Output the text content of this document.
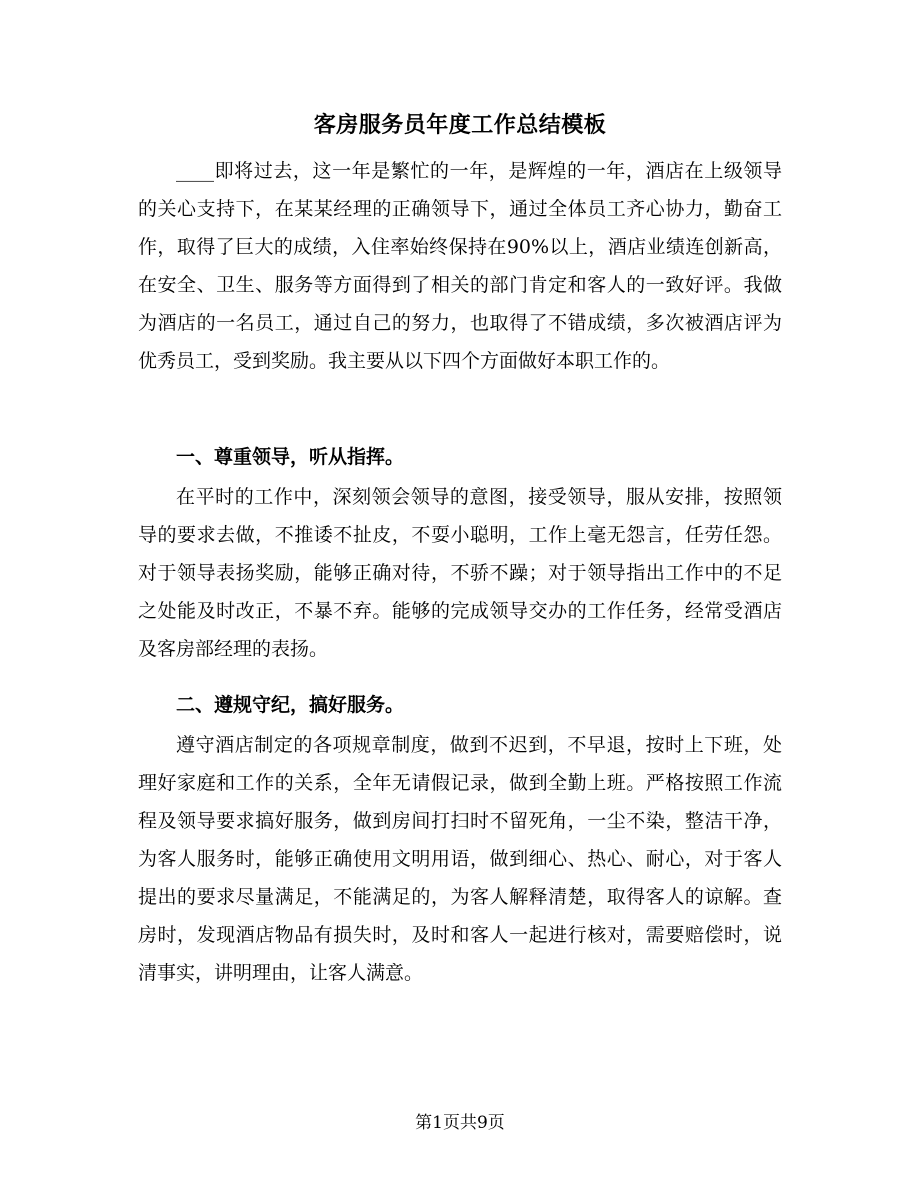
客房服务员年度工作总结模板

____即将过去，这一年是繁忙的一年，是辉煌的一年，酒店在上级领导的关心支持下，在某某经理的正确领导下，通过全体员工齐心协力，勤奋工作，取得了巨大的成绩，入住率始终保持在90%以上，酒店业绩连创新高，在安全、卫生、服务等方面得到了相关的部门肯定和客人的一致好评。我做为酒店的一名员工，通过自己的努力，也取得了不错成绩，多次被酒店评为优秀员工，受到奖励。我主要从以下四个方面做好本职工作的。

一、尊重领导，听从指挥。

在平时的工作中，深刻领会领导的意图，接受领导，服从安排，按照领导的要求去做，不推诿不扯皮，不耍小聪明，工作上毫无怨言，任劳任怨。对于领导表扬奖励，能够正确对待，不骄不躁；对于领导指出工作中的不足之处能及时改正，不暴不弃。能够的完成领导交办的工作任务，经常受酒店及客房部经理的表扬。

二、遵规守纪，搞好服务。

遵守酒店制定的各项规章制度，做到不迟到，不早退，按时上下班，处理好家庭和工作的关系，全年无请假记录，做到全勤上班。严格按照工作流程及领导要求搞好服务，做到房间打扫时不留死角，一尘不染，整洁干净，为客人服务时，能够正确使用文明用语，做到细心、热心、耐心，对于客人提出的要求尽量满足，不能满足的，为客人解释清楚，取得客人的谅解。查房时，发现酒店物品有损失时，及时和客人一起进行核对，需要赔偿时，说清事实，讲明理由，让客人满意。

第1页共9页
